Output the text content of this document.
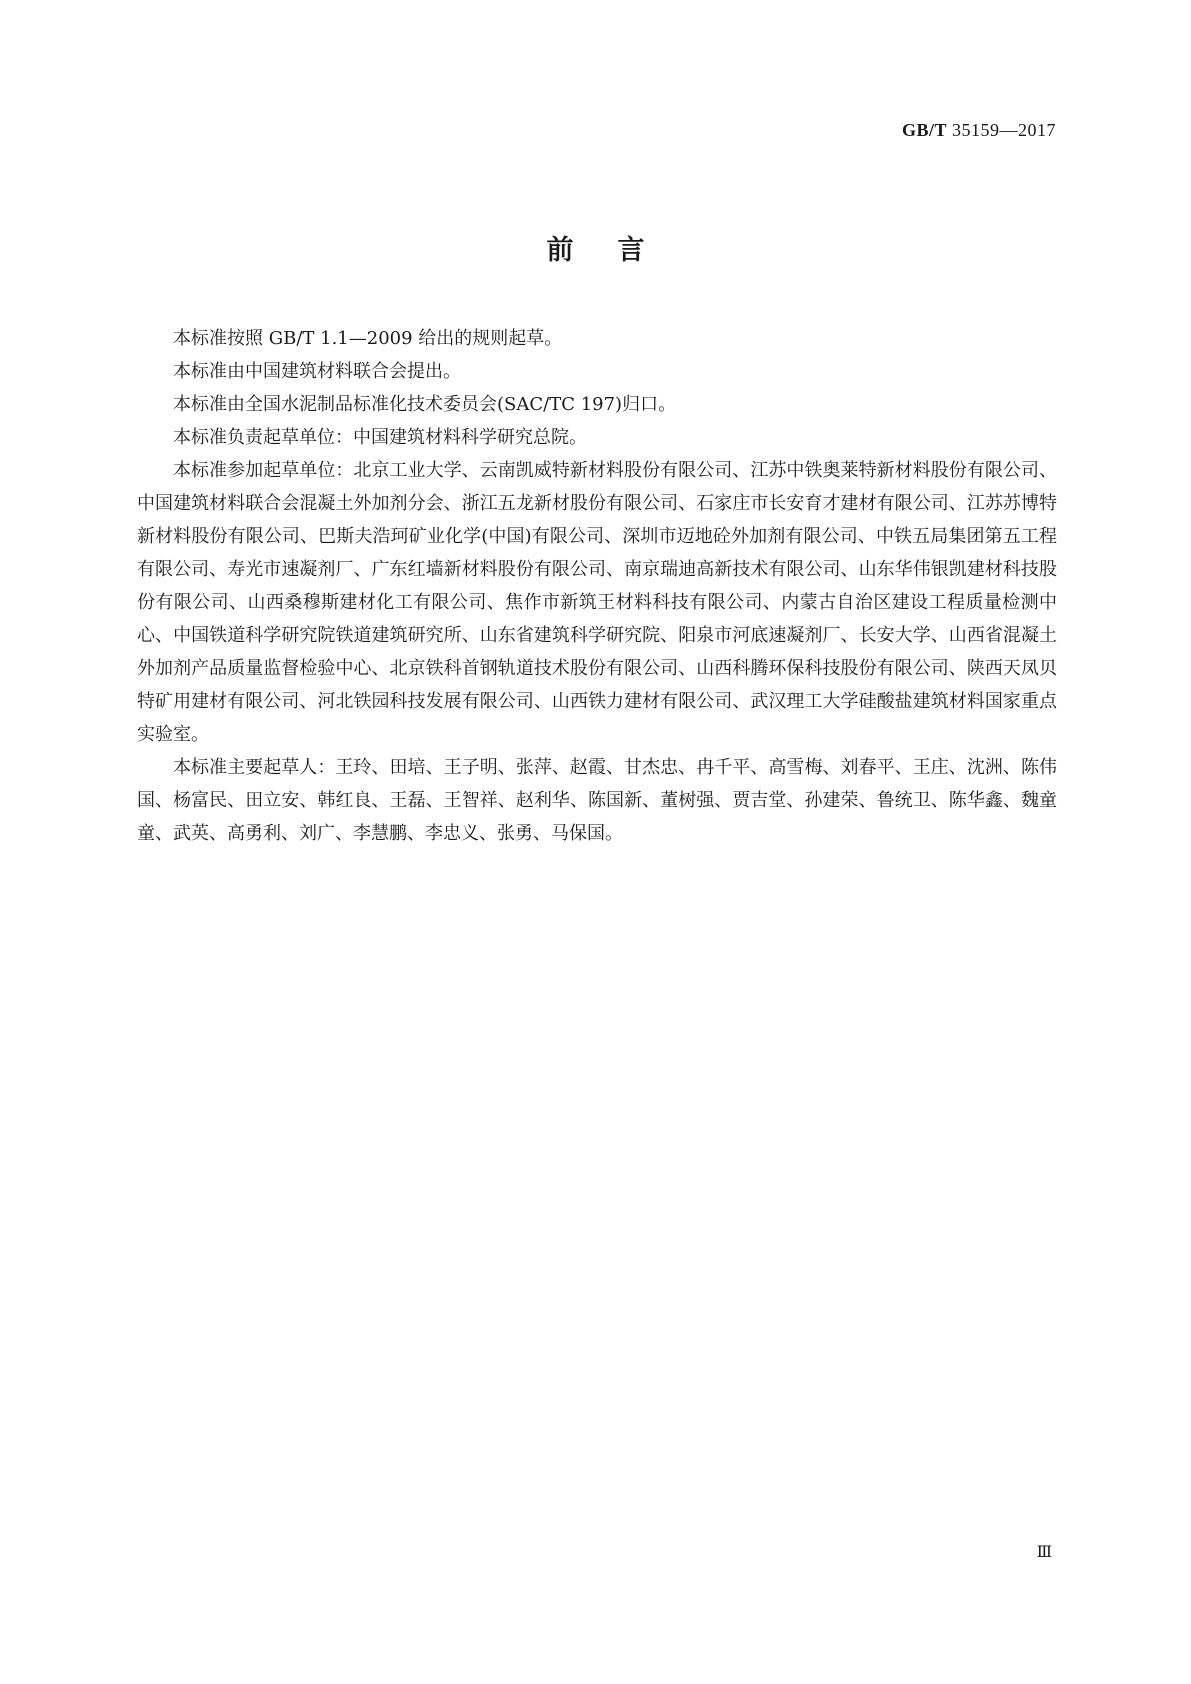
GB/T 35159—2017
前言

本标准按照 GB/T 1.1—2009 给出的规则起草。

本标准由中国建筑材料联合会提出。

本标准由全国水泥制品标准化技术委员会(SAC/TC 197)归口。

本标准负责起草单位：中国建筑材料科学研究总院。

本标准参加起草单位：北京工业大学、云南凯威特新材料股份有限公司、江苏中铁奥莱特新材料股份有限公司、中国建筑材料联合会混凝土外加剂分会、浙江五龙新材股份有限公司、石家庄市长安育才建材有限公司、江苏苏博特新材料股份有限公司、巴斯夫浩珂矿业化学(中国)有限公司、深圳市迈地砼外加剂有限公司、中铁五局集团第五工程有限公司、寿光市速凝剂厂、广东红墙新材料股份有限公司、南京瑞迪高新技术有限公司、山东华伟银凯建材科技股份有限公司、山西桑穆斯建材化工有限公司、焦作市新筑王材料科技有限公司、内蒙古自治区建设工程质量检测中心、中国铁道科学研究院铁道建筑研究所、山东省建筑科学研究院、阳泉市河底速凝剂厂、长安大学、山西省混凝土外加剂产品质量监督检验中心、北京铁科首钢轨道技术股份有限公司、山西科腾环保科技股份有限公司、陕西天凤贝特矿用建材有限公司、河北铁园科技发展有限公司、山西铁力建材有限公司、武汉理工大学硅酸盐建筑材料国家重点实验室。

本标准主要起草人：王玲、田培、王子明、张萍、赵霞、甘杰忠、冉千平、高雪梅、刘春平、王庄、沈洲、陈伟国、杨富民、田立安、韩红良、王磊、王智祥、赵利华、陈国新、董树强、贾吉堂、孙建荣、鲁统卫、陈华鑫、魏童童、武英、高勇利、刘广、李慧鹏、李忠义、张勇、马保国。

Ⅲ
